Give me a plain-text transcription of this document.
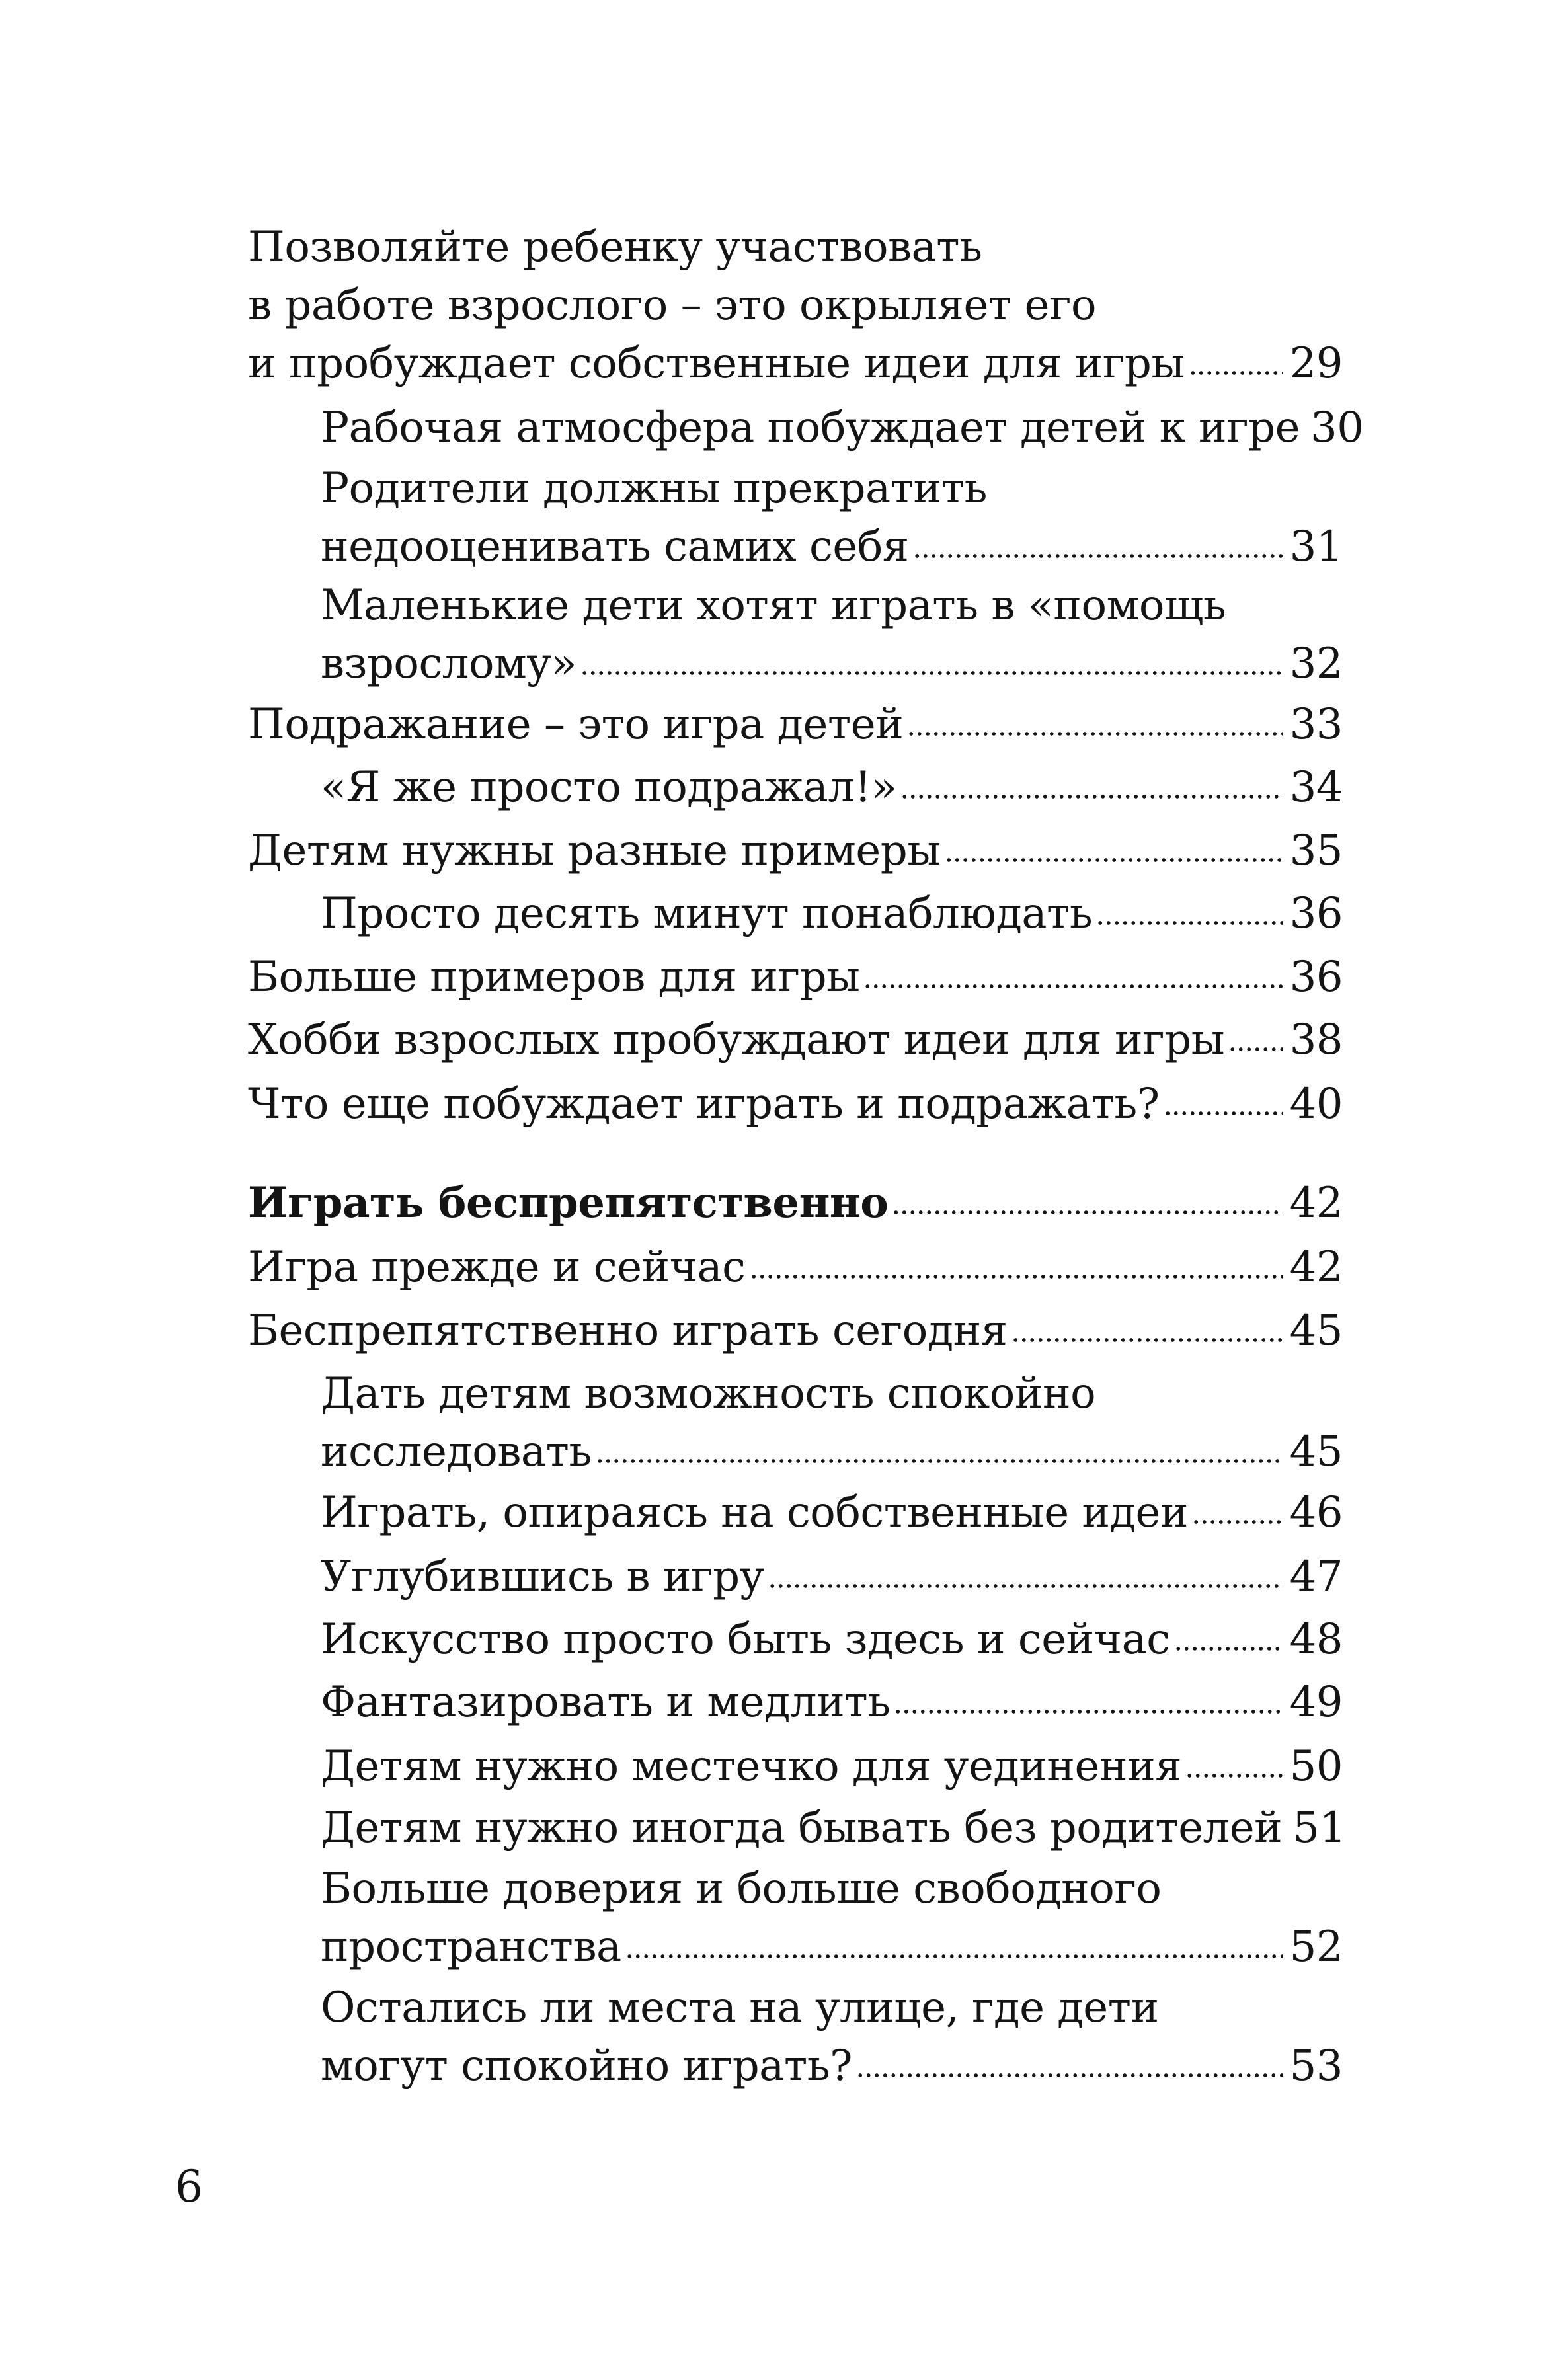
Позволяйте ребенку участвовать
в работе взрослого – это окрыляет его
и пробуждает собственные идеи для игры 29
Рабочая атмосфера побуждает детей к игре 30
Родители должны прекратить
недооценивать самих себя	31
Маленькие дети хотят играть в «помощь
взрослому»	32
Подражание – это игра детей	33
«Я же просто подражал!»	34
Детям нужны разные примеры	35
Просто десять минут понаблюдать	36
Больше примеров для игры	36
Хобби взрослых пробуждают идеи для игры 38
Что еще побуждает играть и подражать?	40
Играть беспрепятственно	42
Игра прежде и сейчас	42
Беспрепятственно играть сегодня	45
Дать детям возможность спокойно
исследовать	45
Играть, опираясь на собственные идеи 46
Углубившись в игру	47
Искусство просто быть здесь и сейчас	48
Фантазировать и медлить	49
Детям нужно местечко для уединения	50
Детям нужно иногда бывать без родителей 51
Больше доверия и больше свободного
пространства	52
Остались ли места на улице, где дети
могут спокойно играть?	53
6
